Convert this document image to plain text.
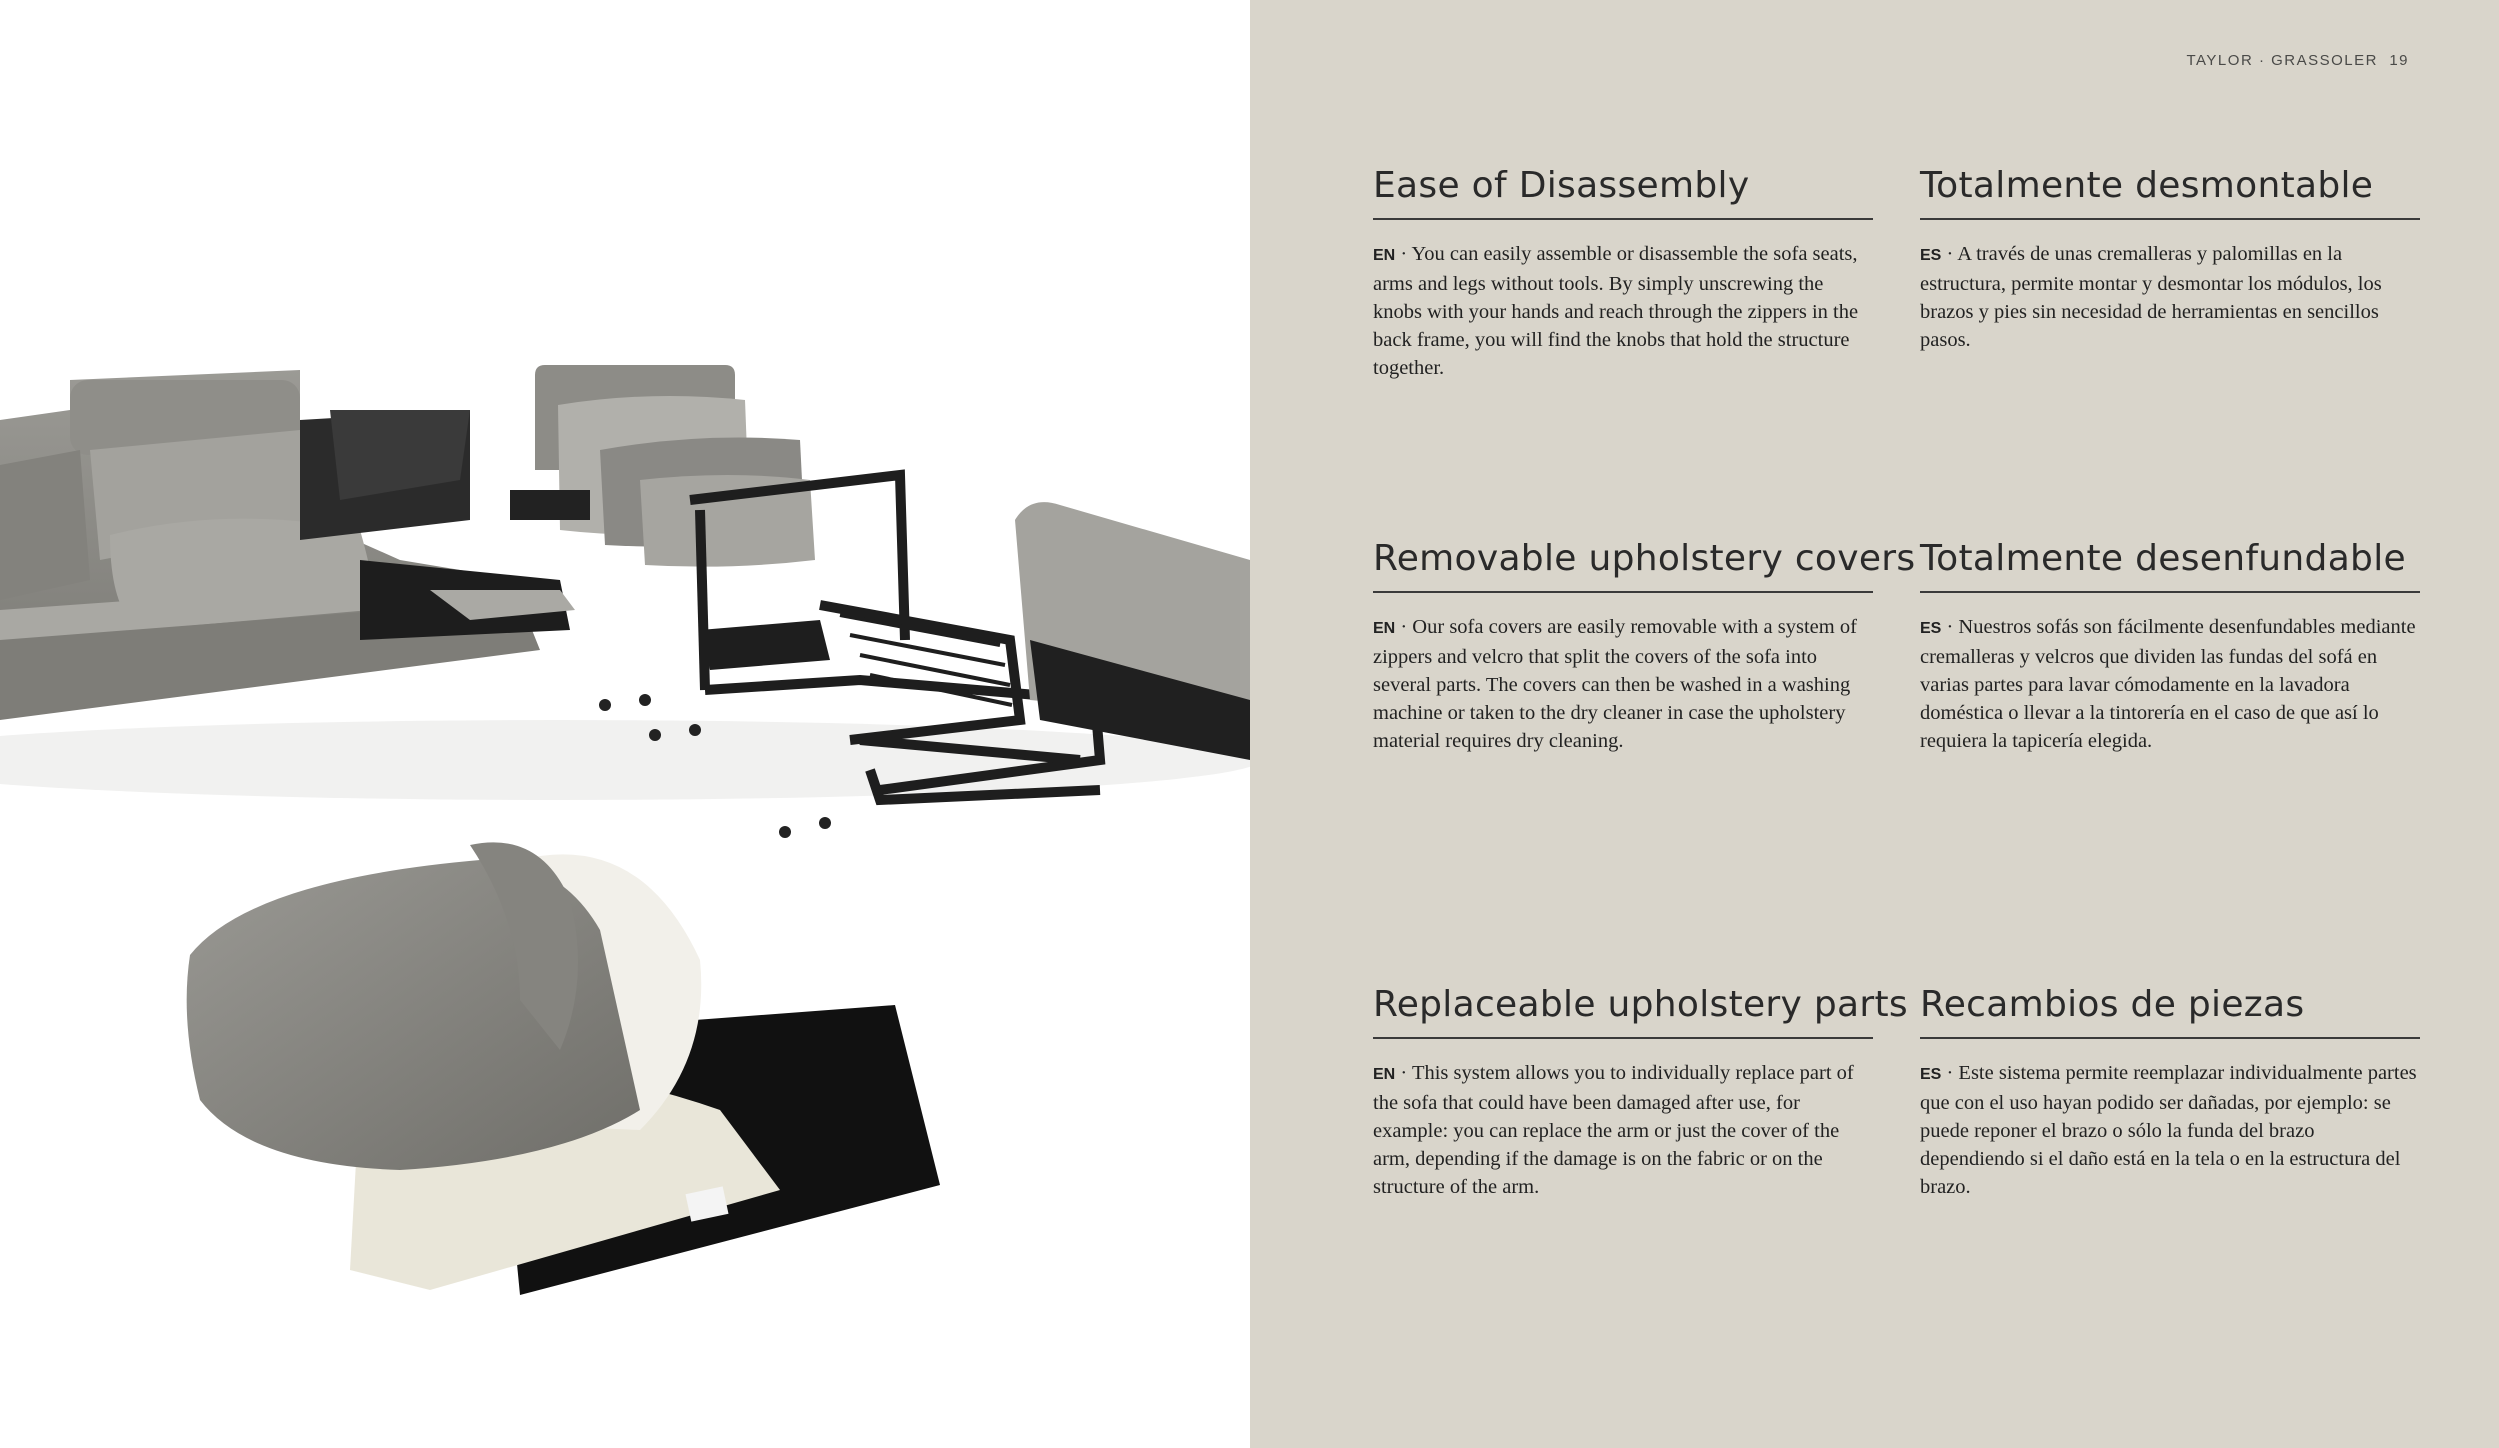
TAYLOR · GRASSOLER 19
Ease of Disassembly

EN · You can easily assemble or disassemble the sofa seats, arms and legs without tools. By simply unscrewing the knobs with your hands and reach through the zippers in the back frame, you will find the knobs that hold the structure together.

Totalmente desmontable

ES · A través de unas cremalleras y palomillas en la estructura, permite montar y desmontar los módulos, los brazos y pies sin necesidad de herramientas en sencillos pasos.

Removable upholstery covers

EN · Our sofa covers are easily removable with a system of zippers and velcro that split the covers of the sofa into several parts. The covers can then be washed in a washing machine or taken to the dry cleaner in case the upholstery material requires dry cleaning.

Totalmente desenfundable

ES · Nuestros sofás son fácilmente desenfundables mediante cremalleras y velcros que dividen las fundas del sofá en varias partes para lavar cómodamente en la lavadora doméstica o llevar a la tintorería en el caso de que así lo requiera la tapicería elegida.

Replaceable upholstery parts

EN · This system allows you to individually replace part of the sofa that could have been damaged after use, for example: you can replace the arm or just the cover of the arm, depending if the damage is on the fabric or on the structure of the arm.

Recambios de piezas

ES · Este sistema permite reemplazar individualmente partes que con el uso hayan podido ser dañadas, por ejemplo: se puede reponer el brazo o sólo la funda del brazo dependiendo si el daño está en la tela o en la estructura del brazo.
